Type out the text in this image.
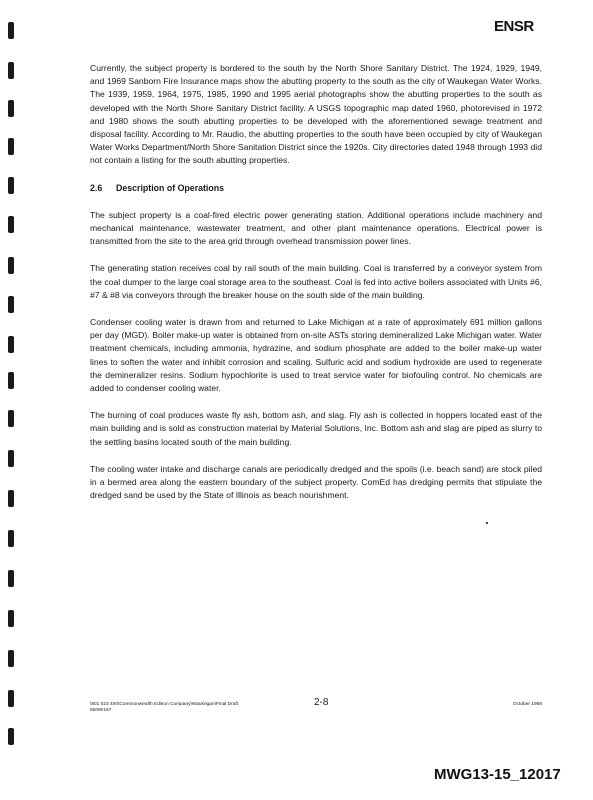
ENSR

Currently, the subject property is bordered to the south by the North Shore Sanitary District. The 1924, 1929, 1949, and 1969 Sanborn Fire Insurance maps show the abutting property to the south as the city of Waukegan Water Works. The 1939, 1959, 1964, 1975, 1985, 1990 and 1995 aerial photographs show the abutting properties to the south as developed with the North Shore Sanitary District facility. A USGS topographic map dated 1960, photorevised in 1972 and 1980 shows the south abutting properties to be developed with the aforementioned sewage treatment and disposal facility. According to Mr. Raudio, the abutting properties to the south have been occupied by city of Waukegan Water Works Department/North Shore Sanitation District since the 1920s. City directories dated 1948 through 1993 did not contain a listing for the south abutting properties.

2.6 Description of Operations

The subject property is a coal-fired electric power generating station. Additional operations include machinery and mechanical maintenance, wastewater treatment, and other plant maintenance operations. Electrical power is transmitted from the site to the area grid through overhead transmission power lines.

The generating station receives coal by rail south of the main building. Coal is transferred by a conveyor system from the coal dumper to the large coal storage area to the southeast. Coal is fed into active boilers associated with Units #6, #7 & #8 via conveyors through the breaker house on the south side of the main building.

Condenser cooling water is drawn from and returned to Lake Michigan at a rate of approximately 691 million gallons per day (MGD). Boiler make-up water is obtained from on-site ASTs storing demineralized Lake Michigan water. Water treatment chemicals, including ammonia, hydrazine, and sodium phosphate are added to the boiler make-up water lines to soften the water and inhibit corrosion and scaling. Sulfuric acid and sodium hydroxide are used to regenerate the demineralizer resins. Sodium hypochlorite is used to treat service water for biofouling control. No chemicals are added to condenser cooling water.

The burning of coal produces waste fly ash, bottom ash, and slag. Fly ash is collected in hoppers located east of the main building and is sold as construction material by Material Solutions, Inc. Bottom ash and slag are piped as slurry to the settling basins located south of the main building.

The cooling water intake and discharge canals are periodically dredged and the spoils (i.e. beach sand) are stock piled in a bermed area along the eastern boundary of the subject property. ComEd has dredging permits that stipulate the dredged sand be used by the State of Illinois as beach nourishment.

\801 023 400\Commonwealth Edison Company\Waukegan\Final Draft
85090167
2-8	October 1998
MWG13-15_12017
